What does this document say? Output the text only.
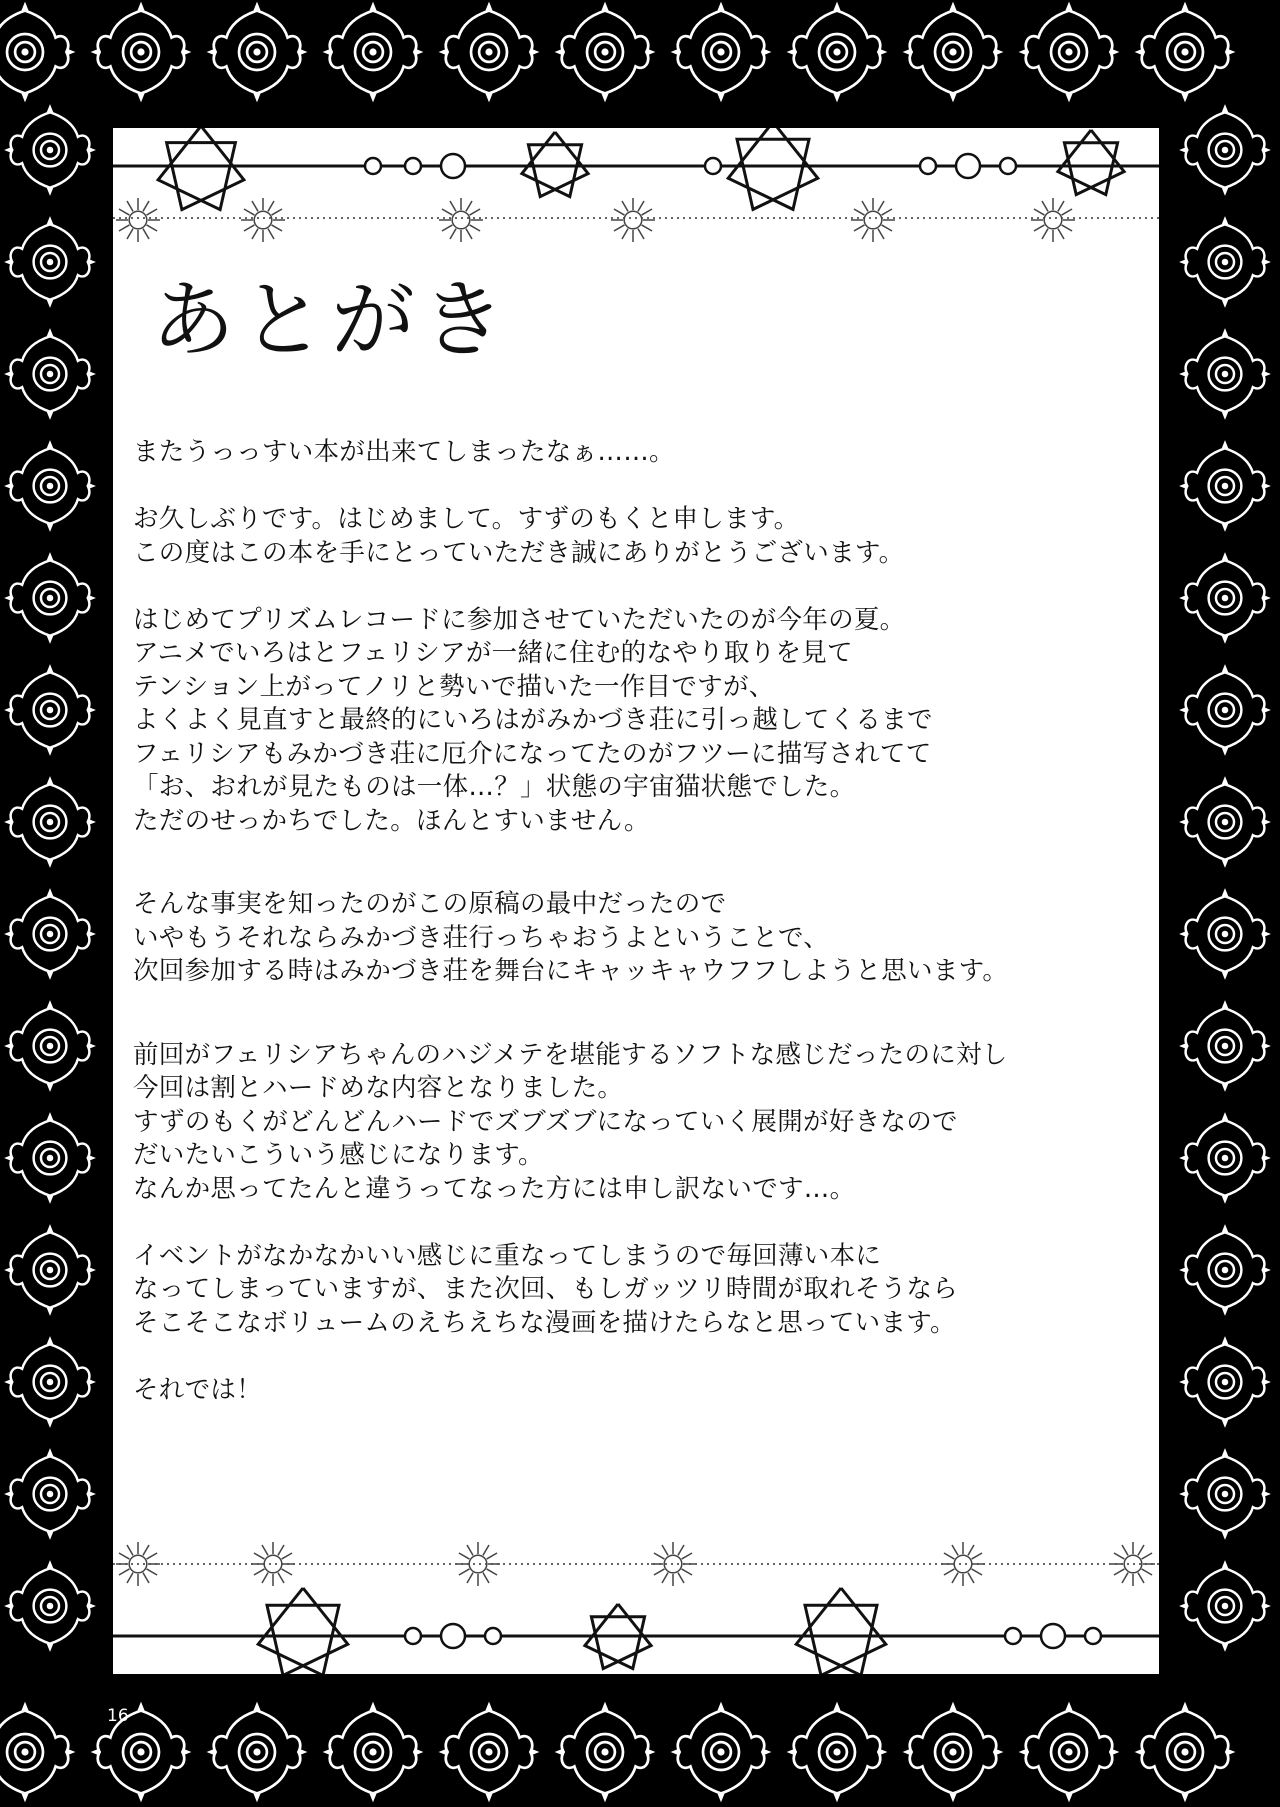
あとがき
またうっっすい本が出来てしまったなぁ……。
お久しぶりです。はじめまして。すずのもくと申します。
この度はこの本を手にとっていただき誠にありがとうございます。
はじめてプリズムレコードに参加させていただいたのが今年の夏。
アニメでいろはとフェリシアが一緒に住む的なやり取りを見て
テンション上がってノリと勢いで描いた一作目ですが、
よくよく見直すと最終的にいろはがみかづき荘に引っ越してくるまで
フェリシアもみかづき荘に厄介になってたのがフツーに描写されてて
「お、おれが見たものは一体…？」状態の宇宙猫状態でした。
ただのせっかちでした。ほんとすいません。
そんな事実を知ったのがこの原稿の最中だったので
いやもうそれならみかづき荘行っちゃおうよということで、
次回参加する時はみかづき荘を舞台にキャッキャウフフしようと思います。
前回がフェリシアちゃんのハジメテを堪能するソフトな感じだったのに対し
今回は割とハードめな内容となりました。
すずのもくがどんどんハードでズブズブになっていく展開が好きなので
だいたいこういう感じになります。
なんか思ってたんと違うってなった方には申し訳ないです…。
イベントがなかなかいい感じに重なってしまうので毎回薄い本に
なってしまっていますが、また次回、もしガッツリ時間が取れそうなら
そこそこなボリュームのえちえちな漫画を描けたらなと思っています。
それでは！
16
